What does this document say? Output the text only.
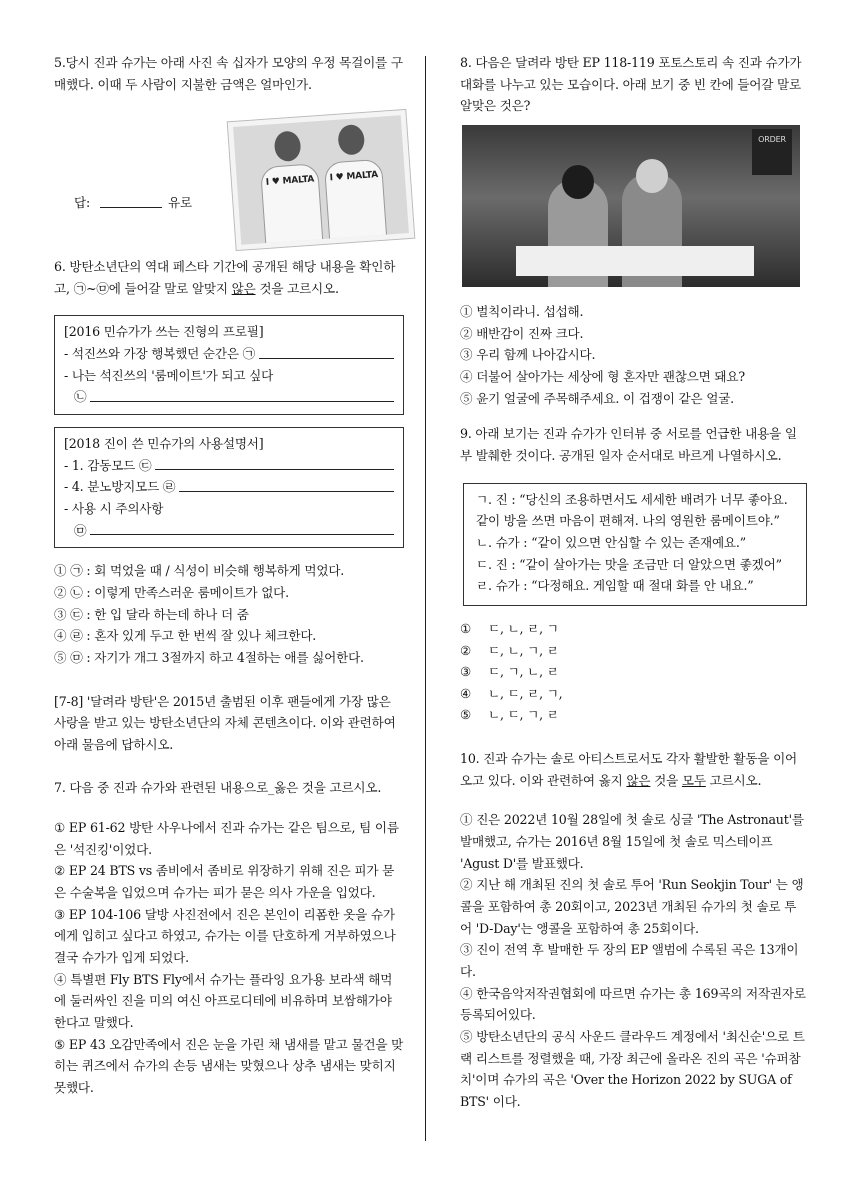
5.당시 진과 슈가는 아래 사진 속 십자가 모양의 우정 목걸이를 구매했다. 이때 두 사람이 지불한 금액은 얼마인가.

I ♥ MALTA	I ♥ MALTA
답:	유로

6. 방탄소년단의 역대 페스타 기간에 공개된 해당 내용을 확인하고, ㉠~㉤에 들어갈 말로 알맞지 않은 것을 고르시오.

[2016 민슈가가 쓰는 진형의 프로필]

- 석진쓰와 가장 행복했던 순간은 ㉠

- 나는 석진쓰의 '룸메이트'가 되고 싶다

㉡

[2018 진이 쓴 민슈가의 사용설명서]

- 1. 감동모드 ㉢
- 4. 분노방지모드 ㉣

- 사용 시 주의사항

㉤

① ㉠ : 회 먹었을 때 / 식성이 비슷해 행복하게 먹었다.

② ㉡ : 이렇게 만족스러운 룸메이트가 없다.

③ ㉢ : 한 입 달라 하는데 하나 더 줌

④ ㉣ : 혼자 있게 두고 한 번씩 잘 있나 체크한다.

⑤ ㉤ : 자기가 개그 3절까지 하고 4절하는 애를 싫어한다.

[7-8] '달려라 방탄'은 2015년 출범된 이후 팬들에게 가장 많은 사랑을 받고 있는 방탄소년단의 자체 콘텐츠이다. 이와 관련하여 아래 물음에 답하시오.

7. 다음 중 진과 슈가와 관련된 내용으로_옳은 것을 고르시오.

① EP 61-62 방탄 사우나에서 진과 슈가는 같은 팀으로, 팀 이름은 '석진킹'이었다.

② EP 24 BTS vs 좀비에서 좀비로 위장하기 위해 진은 피가 묻은 수술복을 입었으며 슈가는 피가 묻은 의사 가운을 입었다.

③ EP 104-106 달방 사진전에서 진은 본인이 리폼한 옷을 슈가에게 입히고 싶다고 하였고, 슈가는 이를 단호하게 거부하였으나 결국 슈가가 입게 되었다.

④ 특별편 Fly BTS Fly에서 슈가는 플라잉 요가용 보라색 해먹에 둘러싸인 진을 미의 여신 아프로디테에 비유하며 보쌈해가야 한다고 말했다.

⑤ EP 43 오감만족에서 진은 눈을 가린 채 냄새를 맡고 물건을 맞히는 퀴즈에서 슈가의 손등 냄새는 맞혔으나 상추 냄새는 맞히지 못했다.

8. 다음은 달려라 방탄 EP 118-119 포토스토리 속 진과 슈가가 대화를 나누고 있는 모습이다. 아래 보기 중 빈 칸에 들어갈 말로 알맞은 것은?

ORDER

① 벌칙이라니. 섭섭해.

② 배반감이 진짜 크다.

③ 우리 함께 나아갑시다.

④ 더불어 살아가는 세상에 형 혼자만 괜찮으면 돼요?

⑤ 윤기 얼굴에 주목해주세요. 이 겁쟁이 같은 얼굴.

9. 아래 보기는 진과 슈가가 인터뷰 중 서로를 언급한 내용을 일부 발췌한 것이다. 공개된 일자 순서대로 바르게 나열하시오.

ㄱ. 진 : “당신의 조용하면서도 세세한 배려가 너무 좋아요. 같이 방을 쓰면 마음이 편해져. 나의 영원한 룸메이트야.”

ㄴ. 슈가 : “같이 있으면 안심할 수 있는 존재예요.”

ㄷ. 진 : “같이 살아가는 맛을 조금만 더 알았으면 좋겠어”

ㄹ. 슈가 : “다정해요. 게임할 때 절대 화를 안 내요.”

①	ㄷ, ㄴ, ㄹ, ㄱ
②	ㄷ, ㄴ, ㄱ, ㄹ
③	ㄷ, ㄱ, ㄴ, ㄹ
④	ㄴ, ㄷ, ㄹ, ㄱ,
⑤	ㄴ, ㄷ, ㄱ, ㄹ

10. 진과 슈가는 솔로 아티스트로서도 각자 활발한 활동을 이어오고 있다. 이와 관련하여 옳지 않은 것을 모두 고르시오.

① 진은 2022년 10월 28일에 첫 솔로 싱글 'The Astronaut'를 발매했고, 슈가는 2016년 8월 15일에 첫 솔로 믹스테이프 'Agust D'를 발표했다.

② 지난 해 개최된 진의 첫 솔로 투어 'Run Seokjin Tour' 는 앵콜을 포함하여 총 20회이고, 2023년 개최된 슈가의 첫 솔로 투어 'D-Day'는 앵콜을 포함하여 총 25회이다.

③ 진이 전역 후 발매한 두 장의 EP 앨범에 수록된 곡은 13개이다.

④ 한국음악저작권협회에 따르면 슈가는 총 169곡의 저작권자로 등록되어있다.

⑤ 방탄소년단의 공식 사운드 클라우드 계정에서 '최신순'으로 트랙 리스트를 정렬했을 때, 가장 최근에 올라온 진의 곡은 '슈퍼참치'이며 슈가의 곡은 'Over the Horizon 2022 by SUGA of BTS' 이다.
